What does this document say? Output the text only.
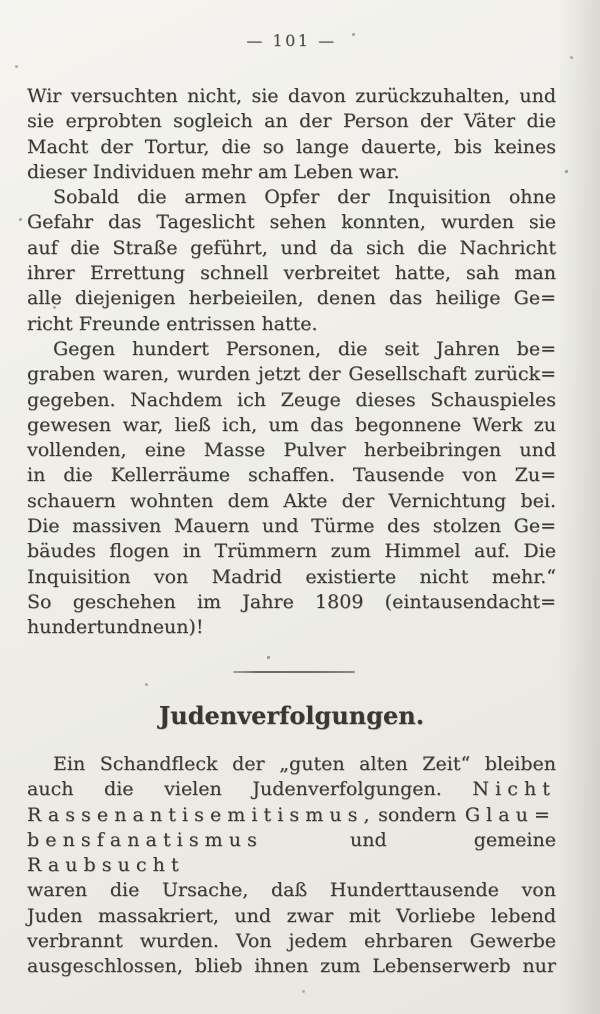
— 101 —
Wir versuchten nicht, sie davon zurückzuhalten, und
sie erprobten sogleich an der Person der Väter die
Macht der Tortur, die so lange dauerte, bis keines
dieser Individuen mehr am Leben war.
Sobald die armen Opfer der Inquisition ohne
Gefahr das Tageslicht sehen konnten, wurden sie
auf die Straße geführt, und da sich die Nachricht
ihrer Errettung schnell verbreitet hatte, sah man
alle diejenigen herbeieilen, denen das heilige Ge=
richt Freunde entrissen hatte.
Gegen hundert Personen, die seit Jahren be=
graben waren, wurden jetzt der Gesellschaft zurück=
gegeben. Nachdem ich Zeuge dieses Schauspieles
gewesen war, ließ ich, um das begonnene Werk zu
vollenden, eine Masse Pulver herbeibringen und
in die Kellerräume schaffen. Tausende von Zu=
schauern wohnten dem Akte der Vernichtung bei.
Die massiven Mauern und Türme des stolzen Ge=
bäudes flogen in Trümmern zum Himmel auf. Die
Inquisition von Madrid existierte nicht mehr.“
So geschehen im Jahre 1809 (eintausendacht=
hundertundneun)!
Judenverfolgungen.
Ein Schandfleck der „guten alten Zeit“ bleiben
auch die vielen Judenverfolgungen. Nicht
Rassenantisemitismus, sondern Glau=
bensfanatismus und gemeine Raubsucht
waren die Ursache, daß Hunderttausende von
Juden massakriert, und zwar mit Vorliebe lebend
verbrannt wurden. Von jedem ehrbaren Gewerbe
ausgeschlossen, blieb ihnen zum Lebenserwerb nur
